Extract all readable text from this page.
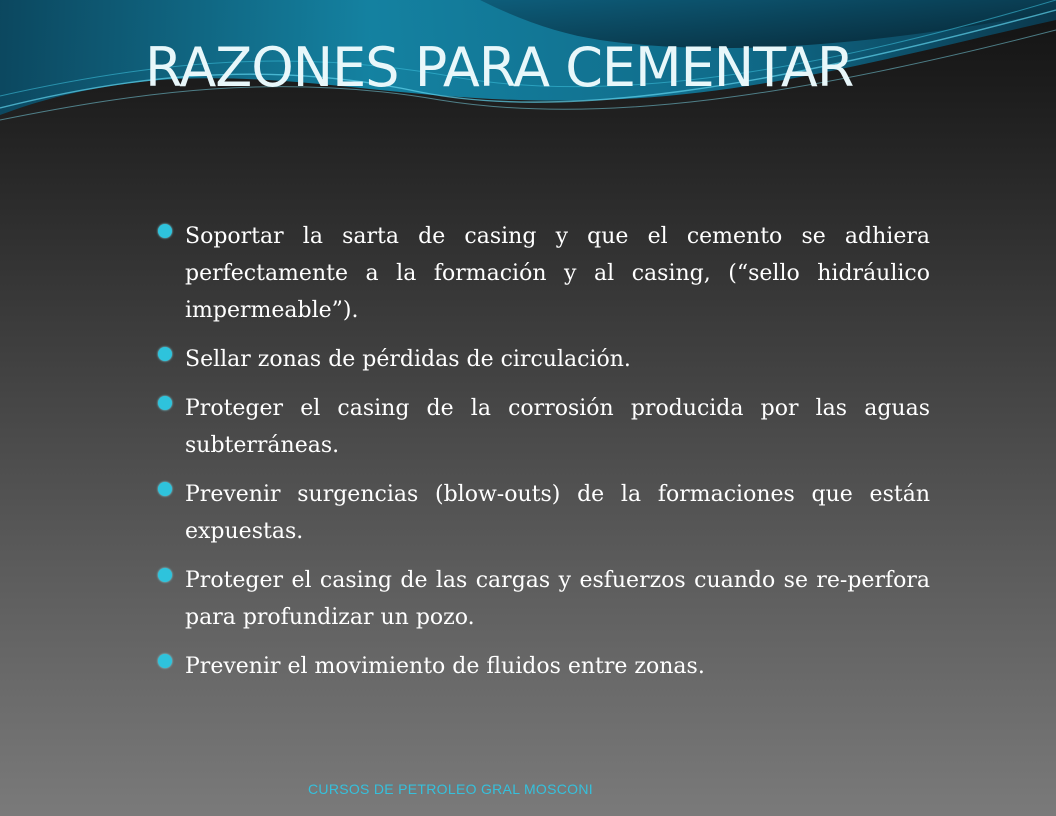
RAZONES PARA CEMENTAR
Soportar la sarta de casing y que el cemento se adhiera perfectamente a la formación y al casing, (“sello hidráulico impermeable”).
Sellar zonas de pérdidas de circulación.
Proteger el casing de la corrosión producida por las aguas subterráneas.
Prevenir surgencias (blow-outs) de la formaciones que están expuestas.
Proteger el casing de las cargas y esfuerzos cuando se re-perfora para profundizar un pozo.
Prevenir el movimiento de fluidos entre zonas.
CURSOS DE PETROLEO GRAL MOSCONI
